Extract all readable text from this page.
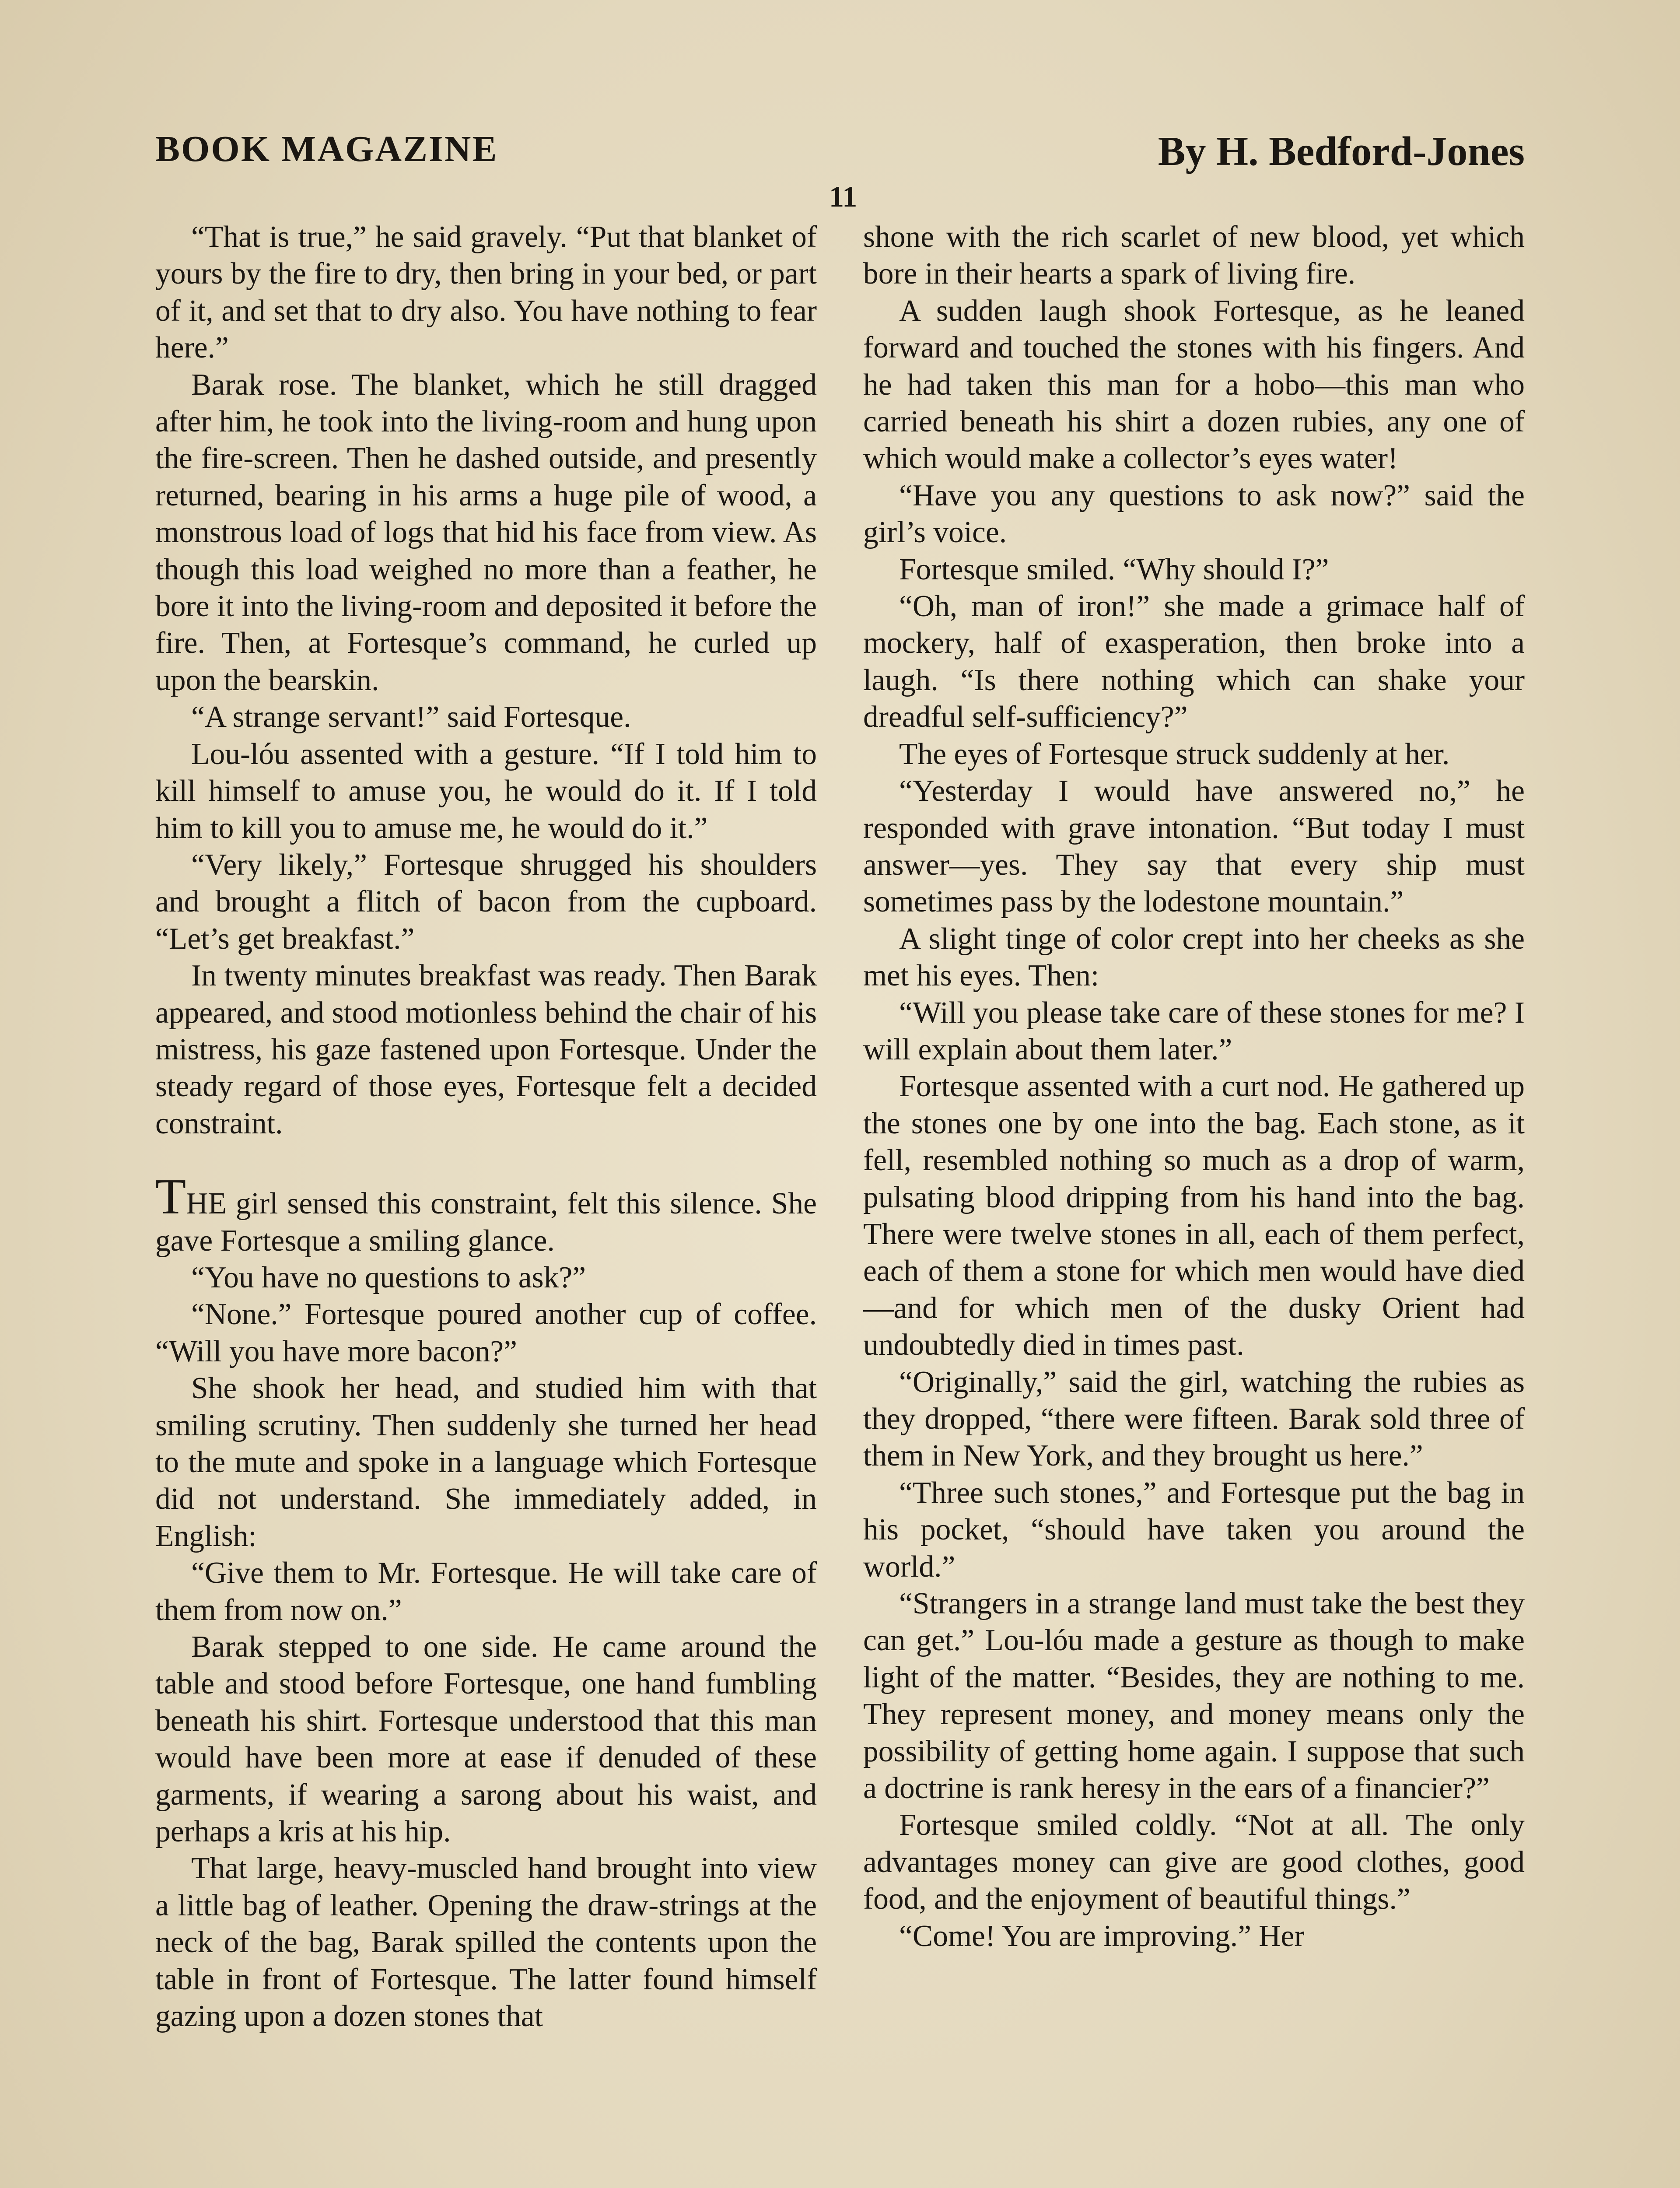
BOOK MAGAZINE	By H. Bedford-Jones
11

“That is true,” he said gravely. “Put that blanket of yours by the fire to dry, then bring in your bed, or part of it, and set that to dry also. You have nothing to fear here.”

Barak rose. The blanket, which he still dragged after him, he took into the living-room and hung upon the fire-screen. Then he dashed outside, and presently returned, bearing in his arms a huge pile of wood, a monstrous load of logs that hid his face from view. As though this load weighed no more than a feather, he bore it into the living-room and deposited it before the fire. Then, at Fortesque’s command, he curled up upon the bearskin.

“A strange servant!” said Fortesque.

Lou-lóu assented with a gesture. “If I told him to kill himself to amuse you, he would do it. If I told him to kill you to amuse me, he would do it.”

“Very likely,” Fortesque shrugged his shoulders and brought a flitch of bacon from the cupboard. “Let’s get breakfast.”

In twenty minutes breakfast was ready. Then Barak appeared, and stood motionless behind the chair of his mistress, his gaze fastened upon Fortesque. Under the steady regard of those eyes, Fortesque felt a decided constraint.

THE girl sensed this constraint, felt this silence. She gave Fortesque a smiling glance.

“You have no questions to ask?”

“None.” Fortesque poured another cup of coffee. “Will you have more bacon?”

She shook her head, and studied him with that smiling scrutiny. Then suddenly she turned her head to the mute and spoke in a language which Fortesque did not understand. She immediately added, in English:

“Give them to Mr. Fortesque. He will take care of them from now on.”

Barak stepped to one side. He came around the table and stood before Fortesque, one hand fumbling beneath his shirt. Fortesque understood that this man would have been more at ease if denuded of these garments, if wearing a sarong about his waist, and perhaps a kris at his hip.

That large, heavy-muscled hand brought into view a little bag of leather. Opening the draw-strings at the neck of the bag, Barak spilled the contents upon the table in front of Fortesque. The latter found himself gazing upon a dozen stones that

shone with the rich scarlet of new blood, yet which bore in their hearts a spark of living fire.

A sudden laugh shook Fortesque, as he leaned forward and touched the stones with his fingers. And he had taken this man for a hobo—this man who carried beneath his shirt a dozen rubies, any one of which would make a collector’s eyes water!

“Have you any questions to ask now?” said the girl’s voice.

Fortesque smiled. “Why should I?”

“Oh, man of iron!” she made a grimace half of mockery, half of exasperation, then broke into a laugh. “Is there nothing which can shake your dreadful self-sufficiency?”

The eyes of Fortesque struck suddenly at her.

“Yesterday I would have answered no,” he responded with grave intonation. “But today I must answer—yes. They say that every ship must sometimes pass by the lodestone mountain.”

A slight tinge of color crept into her cheeks as she met his eyes. Then:

“Will you please take care of these stones for me? I will explain about them later.”

Fortesque assented with a curt nod. He gathered up the stones one by one into the bag. Each stone, as it fell, resembled nothing so much as a drop of warm, pulsating blood dripping from his hand into the bag. There were twelve stones in all, each of them perfect, each of them a stone for which men would have died—and for which men of the dusky Orient had undoubtedly died in times past.

“Originally,” said the girl, watching the rubies as they dropped, “there were fifteen. Barak sold three of them in New York, and they brought us here.”

“Three such stones,” and Fortesque put the bag in his pocket, “should have taken you around the world.”

“Strangers in a strange land must take the best they can get.” Lou-lóu made a gesture as though to make light of the matter. “Besides, they are nothing to me. They represent money, and money means only the possibility of getting home again. I suppose that such a doctrine is rank heresy in the ears of a financier?”

Fortesque smiled coldly. “Not at all. The only advantages money can give are good clothes, good food, and the enjoyment of beautiful things.”

“Come! You are improving.” Her
